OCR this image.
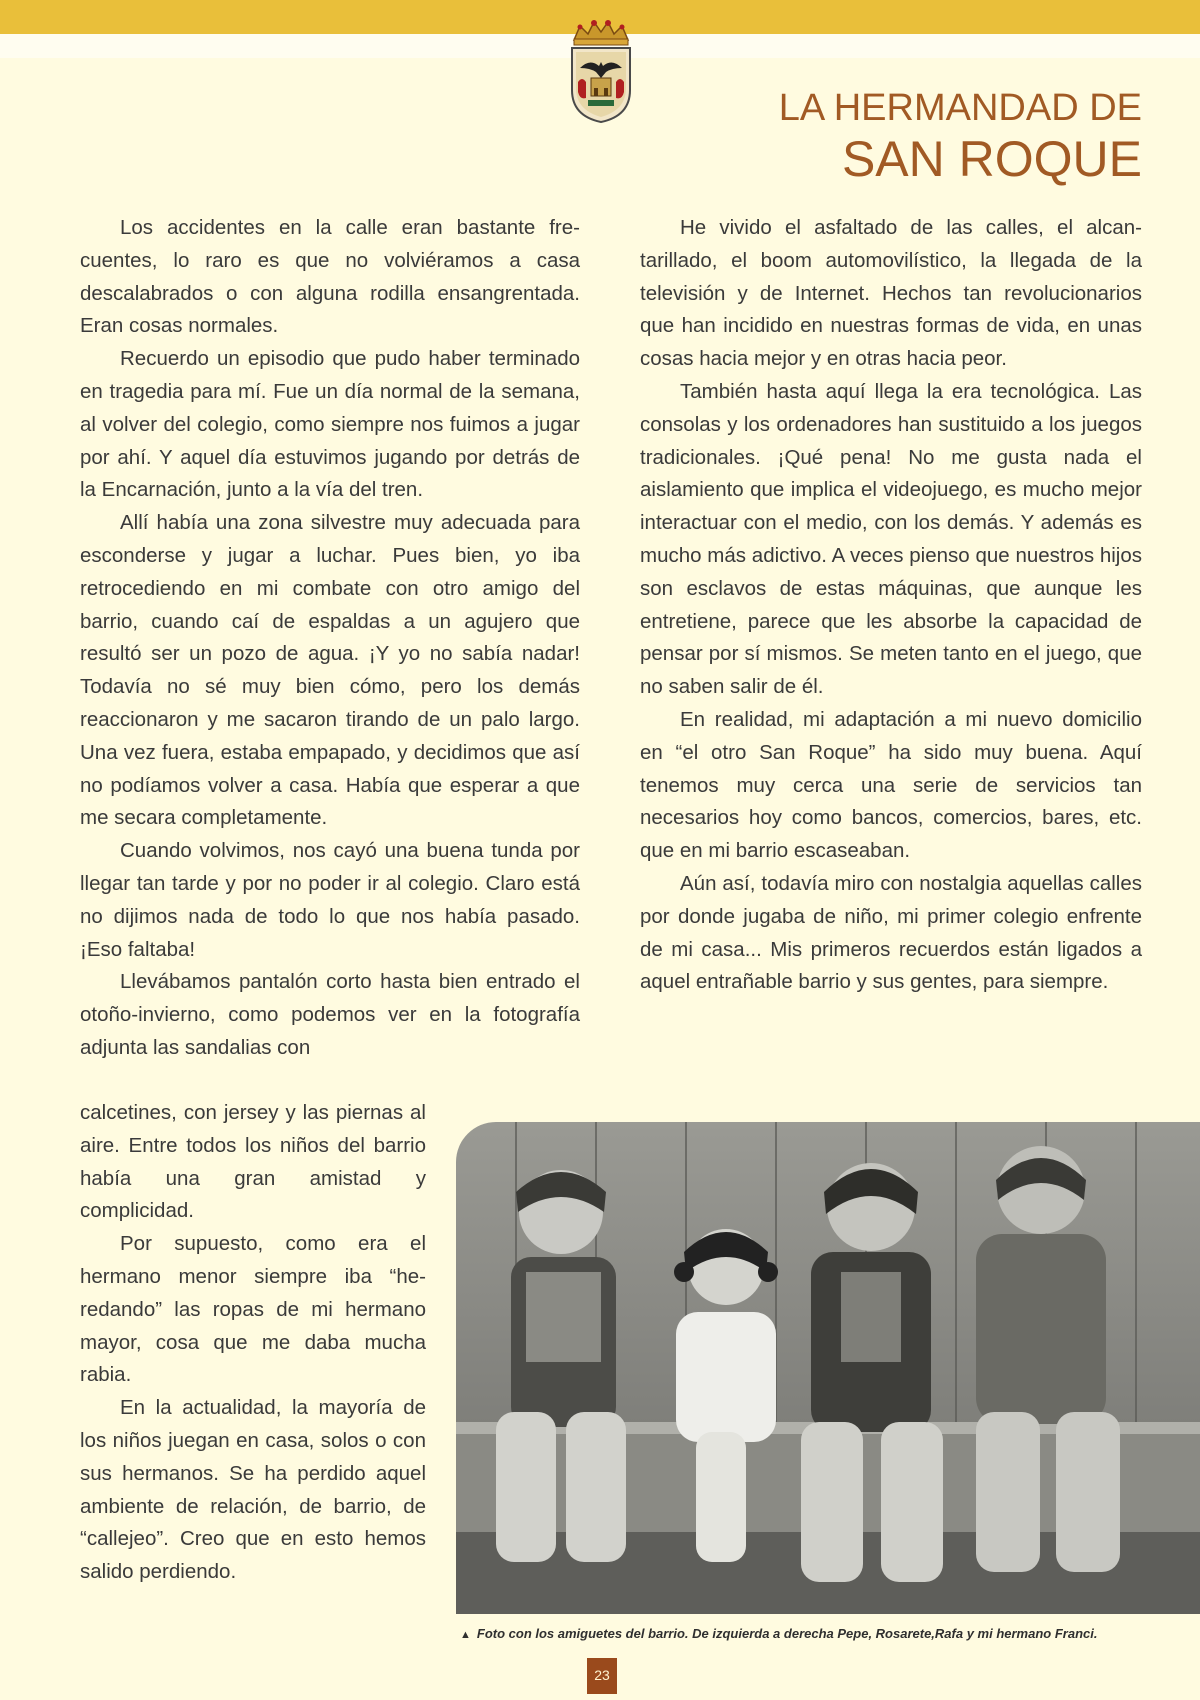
LA HERMANDAD DE
SAN ROQUE

Los accidentes en la calle eran bastante frecuentes, lo raro es que no volviéramos a casa descalabrados o con alguna rodilla ensangrentada. Eran cosas normales.

Recuerdo un episodio que pudo haber terminado en tragedia para mí. Fue un día normal de la semana, al volver del colegio, como siempre nos fuimos a jugar por ahí. Y aquel día estuvimos jugando por detrás de la Encarnación, junto a la vía del tren.

Allí había una zona silvestre muy adecuada para esconderse y jugar a luchar. Pues bien, yo iba retrocediendo en mi combate con otro amigo del barrio, cuando caí de espaldas a un agujero que resultó ser un pozo de agua. ¡Y yo no sabía nadar! Todavía no sé muy bien cómo, pero los demás reaccionaron y me sacaron tirando de un palo largo. Una vez fuera, estaba empapado, y decidimos que así no podíamos volver a casa. Había que esperar a que me secara completamente.

Cuando volvimos, nos cayó una buena tunda por llegar tan tarde y por no poder ir al colegio. Claro está no dijimos nada de todo lo que nos había pasado. ¡Eso faltaba!

Llevábamos pantalón corto hasta bien entrado el otoño-invierno, como podemos ver en la fotografía adjunta las sandalias con

calcetines, con jersey y las piernas al aire. Entre todos los niños del barrio había una gran amistad y complicidad.

Por supuesto, como era el hermano menor siempre iba “heredando” las ropas de mi hermano mayor, cosa que me daba mucha rabia.

En la actualidad, la mayoría de los niños juegan en casa, solos o con sus hermanos. Se ha perdido aquel ambiente de relación, de barrio, de “callejeo”. Creo que en esto hemos salido perdiendo.

He vivido el asfaltado de las calles, el alcantarillado, el boom automovilístico, la llegada de la televisión y de Internet. Hechos tan revolucionarios que han incidido en nuestras formas de vida, en unas cosas hacia mejor y en otras hacia peor.

También hasta aquí llega la era tecnológica. Las consolas y los ordenadores han sustituido a los juegos tradicionales. ¡Qué pena! No me gusta nada el aislamiento que implica el videojuego, es mucho mejor interactuar con el medio, con los demás. Y además es mucho más adictivo. A veces pienso que nuestros hijos son esclavos de estas máquinas, que aunque les entretiene, parece que les absorbe la capacidad de pensar por sí mismos. Se meten tanto en el juego, que no saben salir de él.

En realidad, mi adaptación a mi nuevo domicilio en “el otro San Roque” ha sido muy buena. Aquí tenemos muy cerca una serie de servicios tan necesarios hoy como bancos, comercios, bares, etc. que en mi barrio escaseaban.

Aún así, todavía miro con nostalgia aquellas calles por donde jugaba de niño, mi primer colegio enfrente de mi casa... Mis primeros recuerdos están ligados a aquel entrañable barrio y sus gentes, para siempre.

▲ Foto con los amiguetes del barrio. De izquierda a derecha Pepe, Rosarete,Rafa y mi hermano Franci.
23
